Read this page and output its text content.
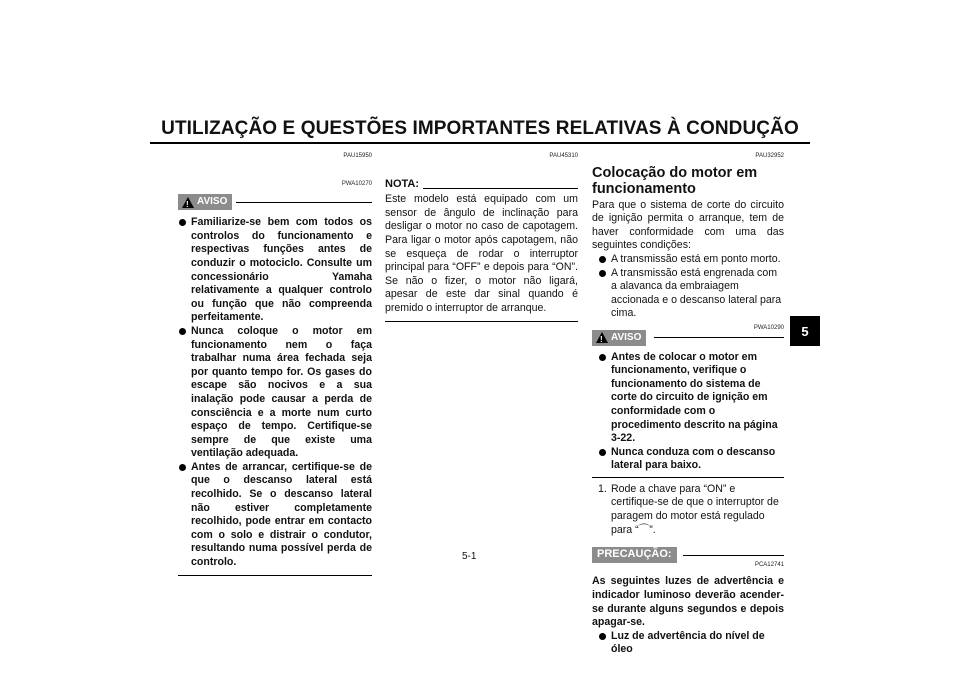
UTILIZAÇÃO E QUESTÕES IMPORTANTES RELATIVAS À CONDUÇÃO
PAU15950
PWA10270
! AVISO
Familiarize-se bem com todos os controlos do funcionamento e respectivas funções antes de conduzir o motociclo. Consulte um concessionário Yamaha relativamente a qualquer controlo ou função que não compreenda perfeitamente.
Nunca coloque o motor em funcionamento nem o faça trabalhar numa área fechada seja por quanto tempo for. Os gases do escape são nocivos e a sua inalação pode causar a perda de consciência e a morte num curto espaço de tempo. Certifique-se sempre de que existe uma ventilação adequada.
Antes de arrancar, certifique-se de que o descanso lateral está recolhido. Se o descanso lateral não estiver completamente recolhido, pode entrar em contacto com o solo e distrair o condutor, resultando numa possível perda de controlo.
PAU45310
NOTA:
Este modelo está equipado com um sensor de ângulo de inclinação para desligar o motor no caso de capotagem. Para ligar o motor após capotagem, não se esqueça de rodar o interruptor principal para “OFF” e depois para “ON”. Se não o fizer, o motor não ligará, apesar de este dar sinal quando é premido o interruptor de arranque.
PAU32952
Colocação do motor em funcionamento
Para que o sistema de corte do circuito de ignição permita o arranque, tem de haver conformidade com uma das seguintes condições:
A transmissão está em ponto morto.
A transmissão está engrenada com a alavanca da embraiagem accionada e o descanso lateral para cima.
PWA10290
! AVISO
Antes de colocar o motor em funcionamento, verifique o funcionamento do sistema de corte do circuito de ignição em conformidade com o procedimento descrito na página 3-22.
Nunca conduza com o descanso lateral para baixo.
1. Rode a chave para “ON” e certifique-se de que o interruptor de paragem do motor está regulado para “⌒”.
PRECAUÇÃO:
PCA12741
As seguintes luzes de advertência e indicador luminoso deverão acender-se durante alguns segundos e depois apagar-se.
Luz de advertência do nível de óleo
5
5-1
